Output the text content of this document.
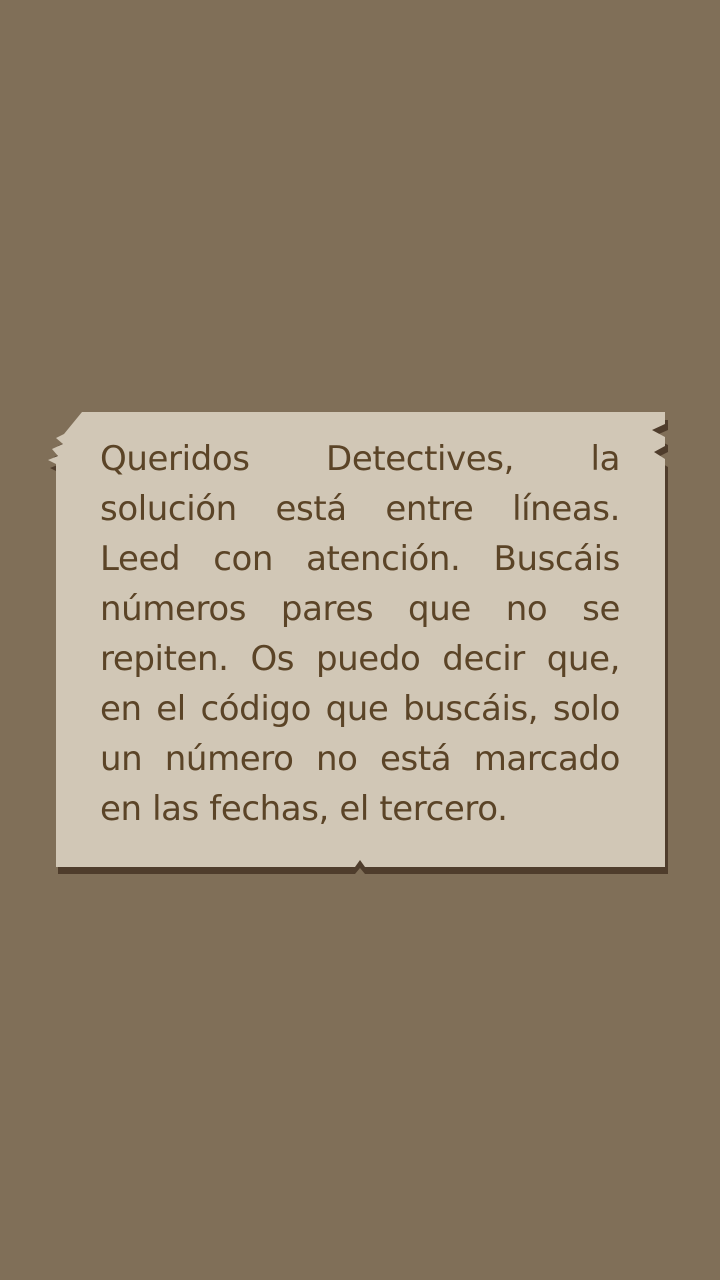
Queridos Detectives, la solución está entre líneas. Leed con atención. Buscáis números pares que no se repiten. Os puedo decir que, en el código que buscáis, solo un número no está marcado en las fechas, el tercero.
